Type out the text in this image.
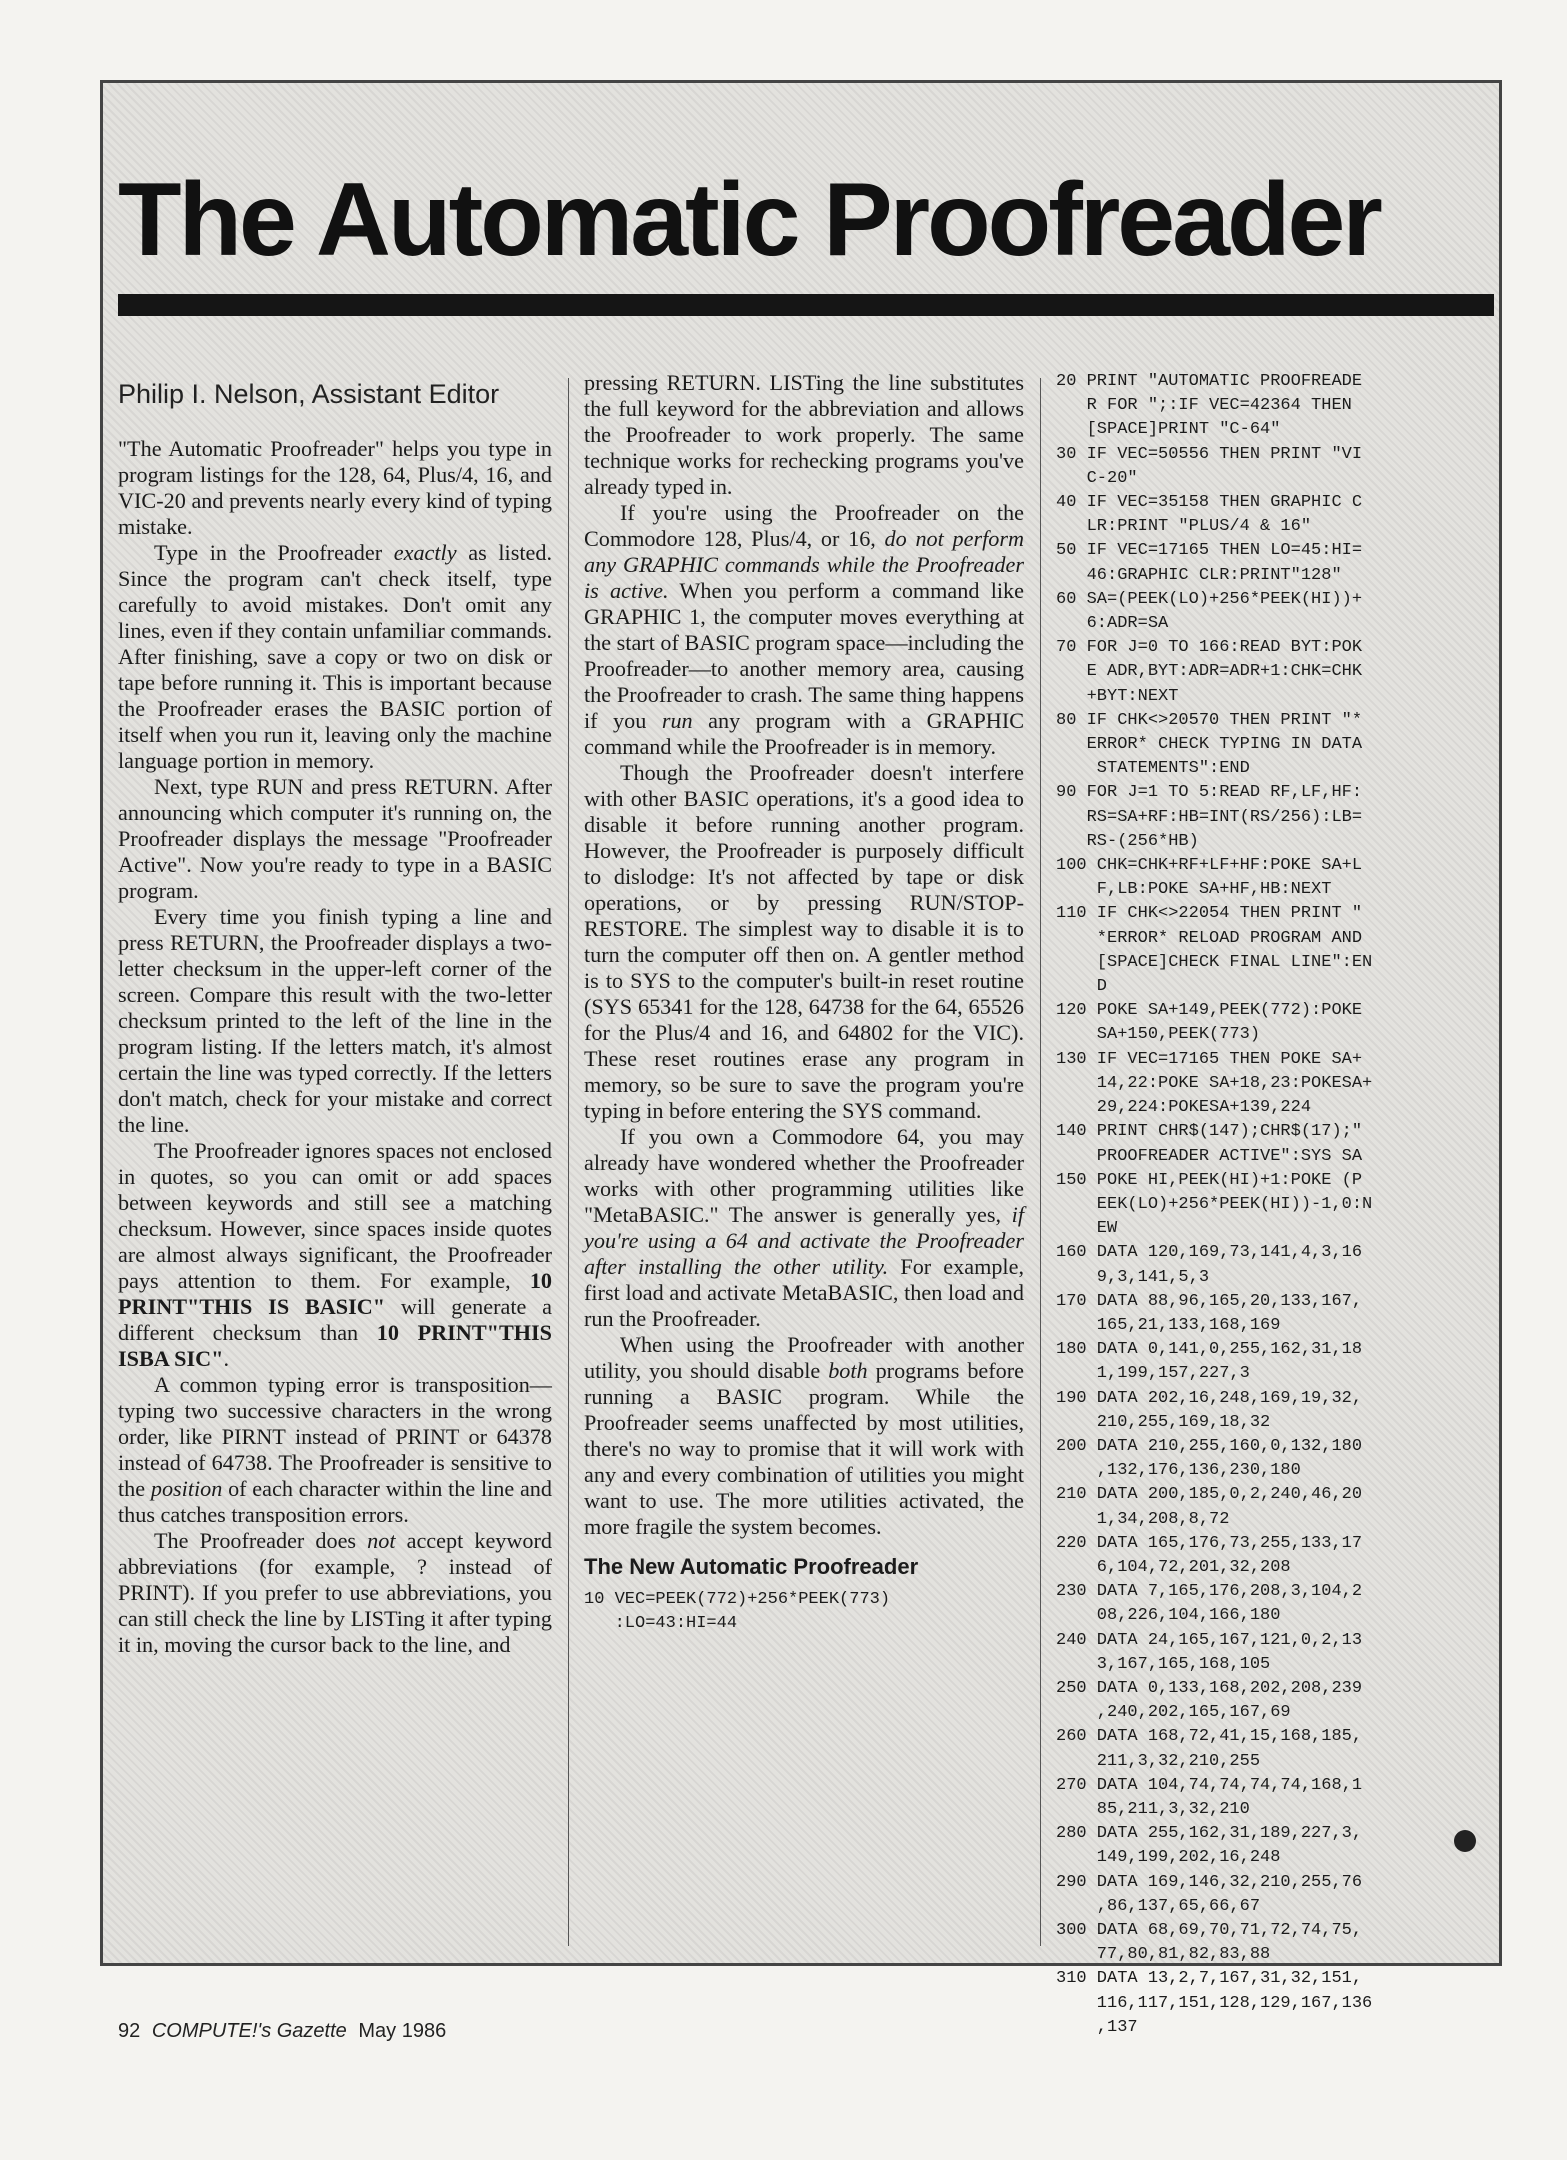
The Automatic Proofreader
Philip I. Nelson, Assistant Editor

"The Automatic Proofreader" helps you type in program listings for the 128, 64, Plus/4, 16, and VIC-20 and prevents nearly every kind of typing mistake.

Type in the Proofreader exactly as listed. Since the program can't check itself, type carefully to avoid mistakes. Don't omit any lines, even if they contain unfamiliar commands. After finishing, save a copy or two on disk or tape before running it. This is important because the Proofreader erases the BASIC portion of itself when you run it, leaving only the machine language portion in memory.

Next, type RUN and press RETURN. After announcing which computer it's running on, the Proofreader displays the message "Proofreader Active". Now you're ready to type in a BASIC program.

Every time you finish typing a line and press RETURN, the Proofreader displays a two-letter checksum in the upper-left corner of the screen. Compare this result with the two-letter checksum printed to the left of the line in the program listing. If the letters match, it's almost certain the line was typed correctly. If the letters don't match, check for your mistake and correct the line.

The Proofreader ignores spaces not enclosed in quotes, so you can omit or add spaces between keywords and still see a matching checksum. However, since spaces inside quotes are almost always significant, the Proofreader pays attention to them. For example, 10 PRINT"THIS IS BASIC" will generate a different checksum than 10 PRINT"THIS ISBA SIC".

A common typing error is transposition—typing two successive characters in the wrong order, like PIRNT instead of PRINT or 64378 instead of 64738. The Proofreader is sensitive to the position of each character within the line and thus catches transposition errors.

The Proofreader does not accept keyword abbreviations (for example, ? instead of PRINT). If you prefer to use abbreviations, you can still check the line by LISTing it after typing it in, moving the cursor back to the line, and

pressing RETURN. LISTing the line substitutes the full keyword for the abbreviation and allows the Proofreader to work properly. The same technique works for rechecking programs you've already typed in.

If you're using the Proofreader on the Commodore 128, Plus/4, or 16, do not perform any GRAPHIC commands while the Proofreader is active. When you perform a command like GRAPHIC 1, the computer moves everything at the start of BASIC program space—including the Proofreader—to another memory area, causing the Proofreader to crash. The same thing happens if you run any program with a GRAPHIC command while the Proofreader is in memory.

Though the Proofreader doesn't interfere with other BASIC operations, it's a good idea to disable it before running another program. However, the Proofreader is purposely difficult to dislodge: It's not affected by tape or disk operations, or by pressing RUN/STOP- RESTORE. The simplest way to disable it is to turn the computer off then on. A gentler method is to SYS to the computer's built-in reset routine (SYS 65341 for the 128, 64738 for the 64, 65526 for the Plus/4 and 16, and 64802 for the VIC). These reset routines erase any program in memory, so be sure to save the program you're typing in before entering the SYS command.

If you own a Commodore 64, you may already have wondered whether the Proofreader works with other programming utilities like "MetaBASIC." The answer is generally yes, if you're using a 64 and activate the Proofreader after installing the other utility. For example, first load and activate MetaBASIC, then load and run the Proofreader.

When using the Proofreader with another utility, you should disable both programs before running a BASIC program. While the Proofreader seems unaffected by most utilities, there's no way to promise that it will work with any and every combination of utilities you might want to use. The more utilities activated, the more fragile the system becomes.

The New Automatic Proofreader
10 VEC=PEEK(772)+256*PEEK(773)
:LO=43:HI=44
20 PRINT "AUTOMATIC PROOFREADE
R FOR ";:IF VEC=42364 THEN
[SPACE]PRINT "C-64"
30 IF VEC=50556 THEN PRINT "VI
C-20"
40 IF VEC=35158 THEN GRAPHIC C
LR:PRINT "PLUS/4 & 16"
50 IF VEC=17165 THEN LO=45:HI=
46:GRAPHIC CLR:PRINT"128"
60 SA=(PEEK(LO)+256*PEEK(HI))+
6:ADR=SA
70 FOR J=0 TO 166:READ BYT:POK
E ADR,BYT:ADR=ADR+1:CHK=CHK
+BYT:NEXT
80 IF CHK<>20570 THEN PRINT "*
ERROR* CHECK TYPING IN DATA
STATEMENTS":END
90 FOR J=1 TO 5:READ RF,LF,HF:
RS=SA+RF:HB=INT(RS/256):LB=
RS-(256*HB)
100 CHK=CHK+RF+LF+HF:POKE SA+L
F,LB:POKE SA+HF,HB:NEXT
110 IF CHK<>22054 THEN PRINT "
*ERROR* RELOAD PROGRAM AND
[SPACE]CHECK FINAL LINE":EN
D
120 POKE SA+149,PEEK(772):POKE
SA+150,PEEK(773)
130 IF VEC=17165 THEN POKE SA+
14,22:POKE SA+18,23:POKESA+
29,224:POKESA+139,224
140 PRINT CHR$(147);CHR$(17);"
PROOFREADER ACTIVE":SYS SA
150 POKE HI,PEEK(HI)+1:POKE (P
EEK(LO)+256*PEEK(HI))-1,0:N
EW
160 DATA 120,169,73,141,4,3,16
9,3,141,5,3
170 DATA 88,96,165,20,133,167,
165,21,133,168,169
180 DATA 0,141,0,255,162,31,18
1,199,157,227,3
190 DATA 202,16,248,169,19,32,
210,255,169,18,32
200 DATA 210,255,160,0,132,180
,132,176,136,230,180
210 DATA 200,185,0,2,240,46,20
1,34,208,8,72
220 DATA 165,176,73,255,133,17
6,104,72,201,32,208
230 DATA 7,165,176,208,3,104,2
08,226,104,166,180
240 DATA 24,165,167,121,0,2,13
3,167,165,168,105
250 DATA 0,133,168,202,208,239
,240,202,165,167,69
260 DATA 168,72,41,15,168,185,
211,3,32,210,255
270 DATA 104,74,74,74,74,168,1
85,211,3,32,210
280 DATA 255,162,31,189,227,3,
149,199,202,16,248
290 DATA 169,146,32,210,255,76
,86,137,65,66,67
300 DATA 68,69,70,71,72,74,75,
77,80,81,82,83,88
310 DATA 13,2,7,167,31,32,151,
116,117,151,128,129,167,136
,137
92 COMPUTE!'s Gazette May 1986
